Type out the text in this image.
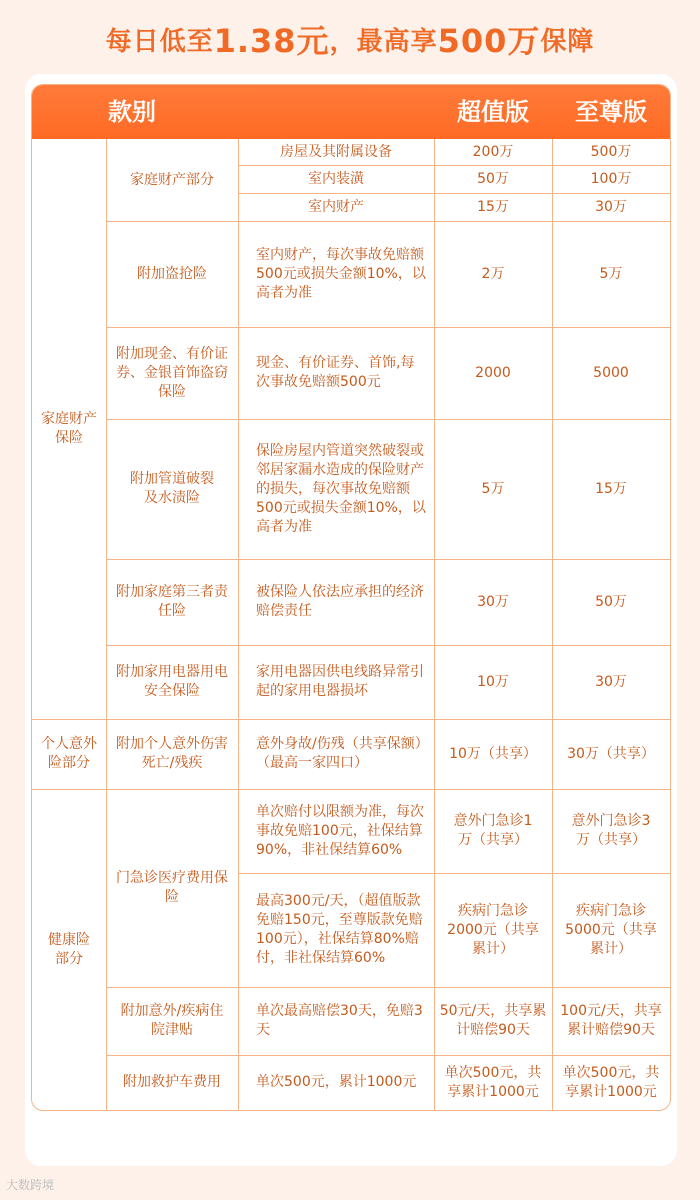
每日低至 1.38元 ，最高享 500万 保障
款别	超值版	至尊版
家庭财产保险
个人意外险部分
健康险部分
家庭财产部分
附加盗抢险
附加现金、有价证券、金银首饰盗窃保险
附加管道破裂及水渍险
附加家庭第三者责任险
附加家用电器用电安全保险
附加个人意外伤害死亡/残疾
门急诊医疗费用保险
附加意外/疾病住院津贴
附加救护车费用
房屋及其附属设备
室内装潢
室内财产
室内财产，每次事故免赔额500元或损失金额10%，以高者为准
现金、有价证券、首饰,每次事故免赔额500元
保险房屋内管道突然破裂或邻居家漏水造成的保险财产的损失，每次事故免赔额500元或损失金额10%，以高者为准
被保险人依法应承担的经济赔偿责任
家用电器因供电线路异常引起的家用电器损坏
意外身故/伤残（共享保额）（最高一家四口）
单次赔付以限额为准，每次事故免赔100元，社保结算90%，非社保结算60%
最高300元/天，（超值版款免赔150元，至尊版款免赔100元），社保结算80%赔付，非社保结算60%
单次最高赔偿30天，免赔3天
单次500元，累计1000元
200万
50万
15万
2万
2000
5万
30万
10万
10万（共享）
意外门急诊1万（共享）
疾病门急诊2000元（共享累计）
50元/天，共享累计赔偿90天
单次500元，共享累计1000元
500万
100万
30万
5万
5000
15万
50万
30万
30万（共享）
意外门急诊3万（共享）
疾病门急诊5000元（共享累计）
100元/天，共享累计赔偿90天
单次500元，共享累计1000元
大数跨境
